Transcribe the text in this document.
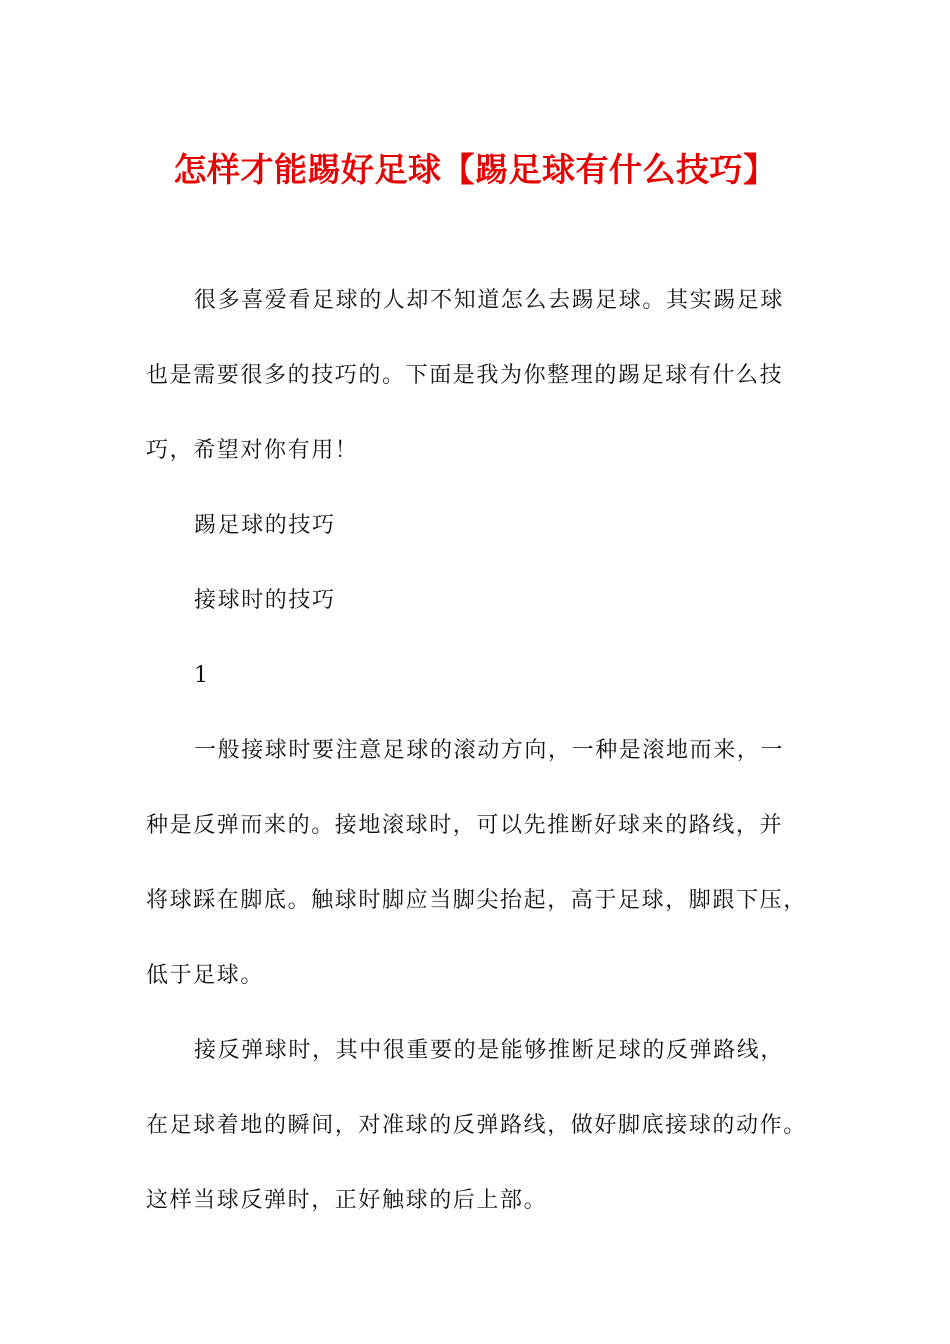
怎样才能踢好足球【踢足球有什么技巧】
很多喜爱看足球的人却不知道怎么去踢足球。其实踢足球
也是需要很多的技巧的。下面是我为你整理的踢足球有什么技
巧，希望对你有用！
踢足球的技巧
接球时的技巧
1
一般接球时要注意足球的滚动方向，一种是滚地而来，一
种是反弹而来的。接地滚球时，可以先推断好球来的路线，并
将球踩在脚底。触球时脚应当脚尖抬起，高于足球，脚跟下压，
低于足球。
接反弹球时，其中很重要的是能够推断足球的反弹路线，
在足球着地的瞬间，对准球的反弹路线，做好脚底接球的动作。
这样当球反弹时，正好触球的后上部。
